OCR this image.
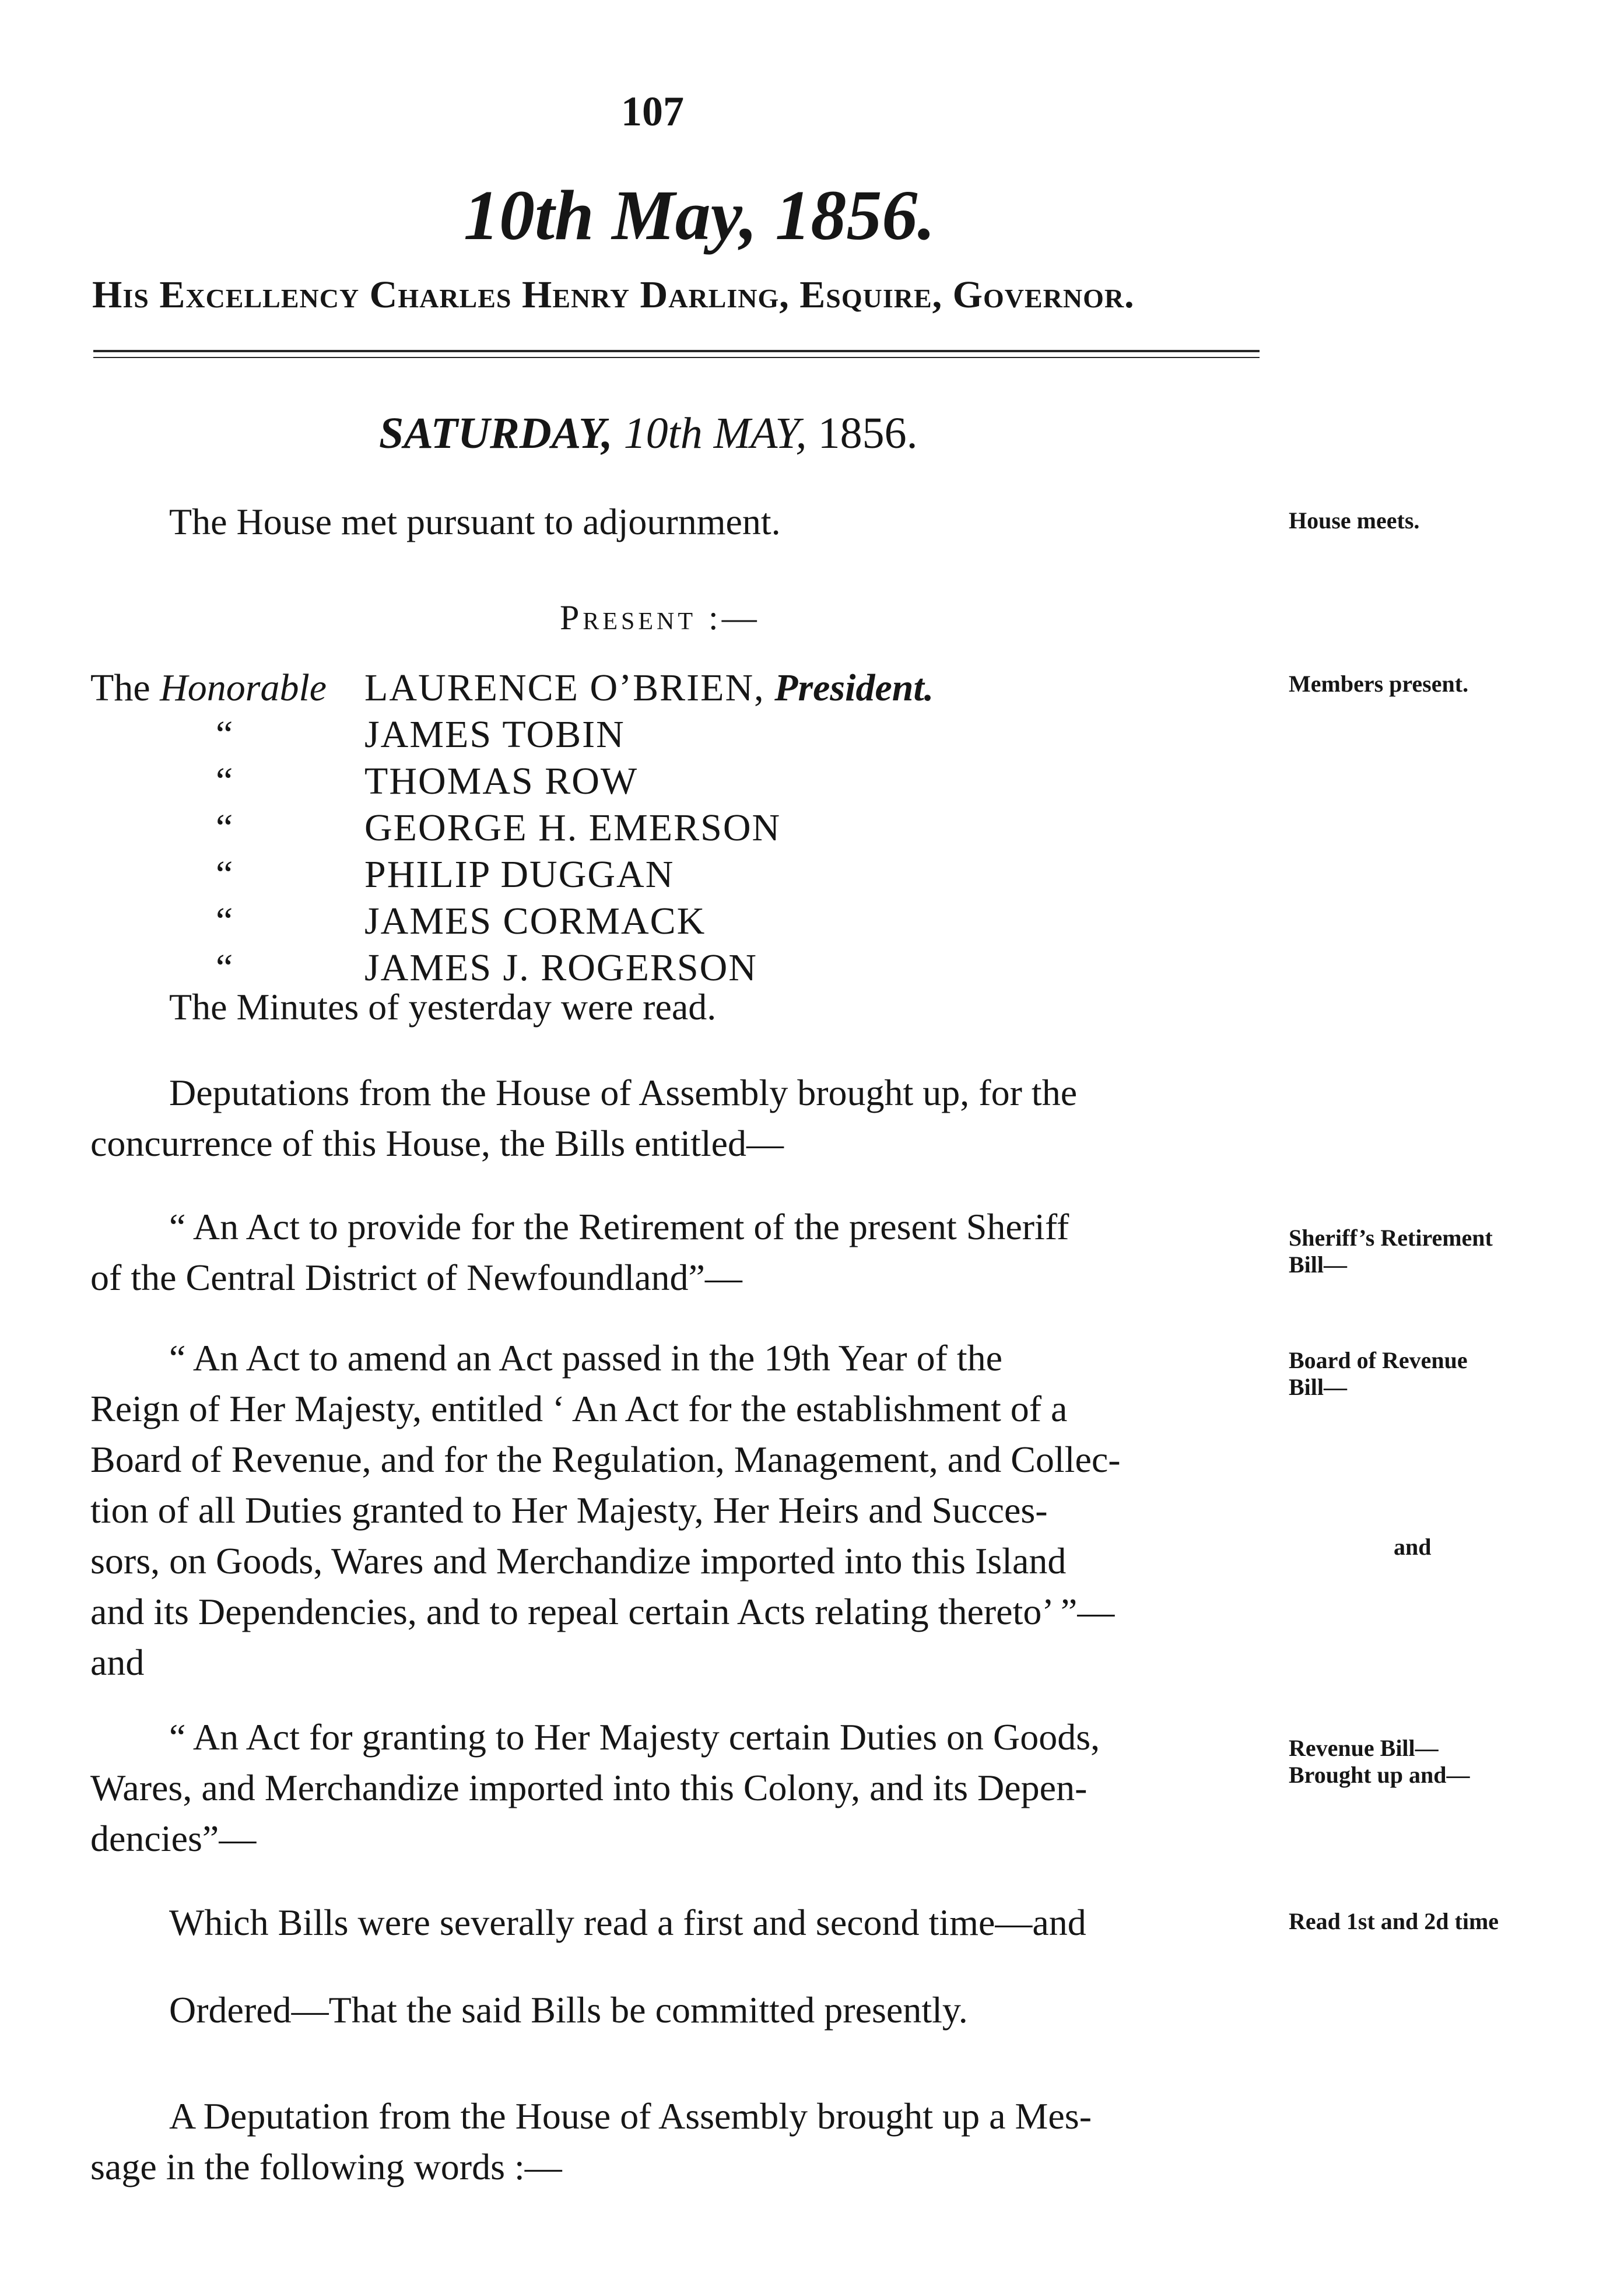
107
10th May, 1856.
His Excellency Charles Henry Darling, Esquire, Governor.
SATURDAY, 10th MAY, 1856.

The House met pursuant to adjournment.	House meets.

Present :—

The Honorable LAURENCE O’BRIEN, President.
“	JAMES TOBIN
“	THOMAS ROW
“	GEORGE H. EMERSON
“	PHILIP DUGGAN
“	JAMES CORMACK
“	JAMES J. ROGERSON

Members present.

The Minutes of yesterday were read.

Deputations from the House of Assembly brought up, for the
concurrence of this House, the Bills entitled—

“ An Act to provide for the Retirement of the present Sheriff
of the Central District of Newfoundland”—

Sheriff’s Retirement
Bill—

“ An Act to amend an Act passed in the 19th Year of the
Reign of Her Majesty, entitled ‘ An Act for the establishment of a
Board of Revenue, and for the Regulation, Management, and Collec-
tion of all Duties granted to Her Majesty, Her Heirs and Succes-
sors, on Goods, Wares and Merchandize imported into this Island
and its Dependencies, and to repeal certain Acts relating thereto’ ”—
and

Board of Revenue
Bill—

and

“ An Act for granting to Her Majesty certain Duties on Goods,
Wares, and Merchandize imported into this Colony, and its Depen-
dencies”—

Revenue Bill—
Brought up and—

Which Bills were severally read a first and second time—and	Read 1st and 2d time

Ordered—That the said Bills be committed presently.

A Deputation from the House of Assembly brought up a Mes-
sage in the following words :—
